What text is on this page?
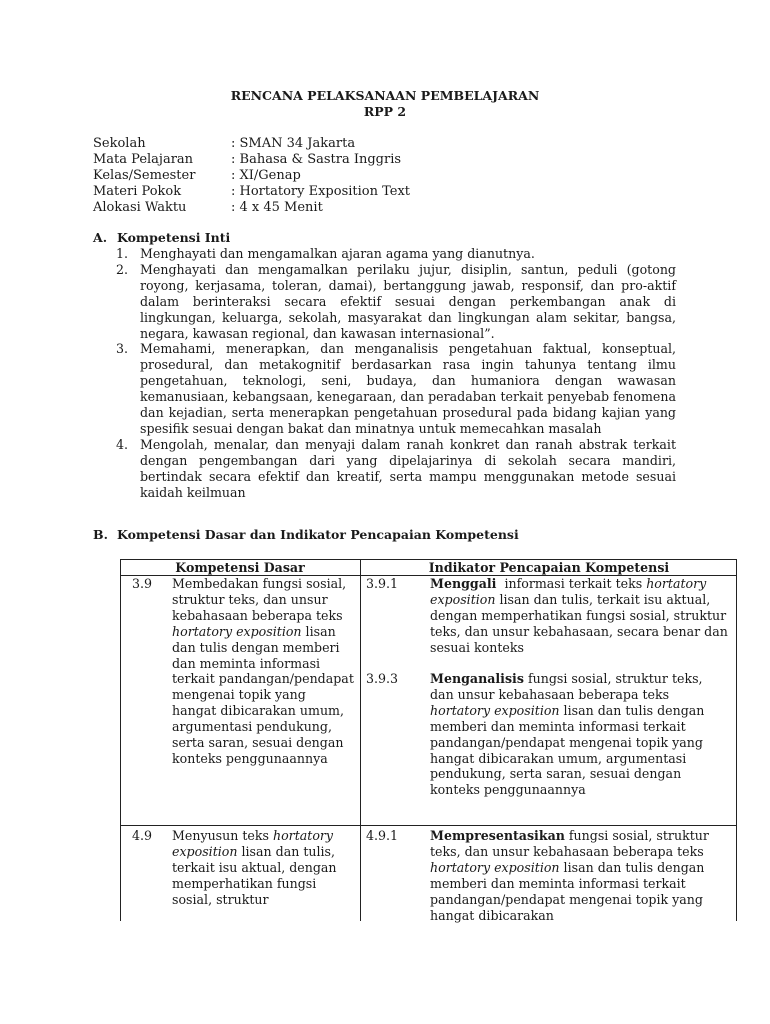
RENCANA PELAKSANAAN PEMBELAJARAN
RPP 2
Sekolah	: SMAN 34 Jakarta
Mata Pelajaran	: Bahasa & Sastra Inggris
Kelas/Semester	: XI/Genap
Materi Pokok	: Hortatory Exposition Text
Alokasi Waktu	: 4 x 45 Menit
A. Kompetensi Inti
1. Menghayati dan mengamalkan ajaran agama yang dianutnya.
2. Menghayati dan mengamalkan perilaku jujur, disiplin, santun, peduli (gotong royong, kerjasama, toleran, damai), bertanggung jawab, responsif, dan pro-aktif dalam berinteraksi secara efektif sesuai dengan perkembangan anak di lingkungan, keluarga, sekolah, masyarakat dan lingkungan alam sekitar, bangsa, negara, kawasan regional, dan kawasan internasional”.
3. Memahami, menerapkan, dan menganalisis pengetahuan faktual, konseptual, prosedural, dan metakognitif berdasarkan rasa ingin tahunya tentang ilmu pengetahuan, teknologi, seni, budaya, dan humaniora dengan wawasan kemanusiaan, kebangsaan, kenegaraan, dan peradaban terkait penyebab fenomena dan kejadian, serta menerapkan pengetahuan prosedural pada bidang kajian yang spesifik sesuai dengan bakat dan minatnya untuk memecahkan masalah
4. Mengolah, menalar, dan menyaji dalam ranah konkret dan ranah abstrak terkait dengan pengembangan dari yang dipelajarinya di sekolah secara mandiri, bertindak secara efektif dan kreatif, serta mampu menggunakan metode sesuai kaidah keilmuan
B. Kompetensi Dasar dan Indikator Pencapaian Kompetensi
Kompetensi Dasar	Indikator Pencapaian Kompetensi
3.9 Membedakan fungsi sosial, struktur teks, dan unsur kebahasaan beberapa teks hortatory exposition lisan dan tulis dengan memberi dan meminta informasi terkait pandangan/pendapat mengenai topik yang hangat dibicarakan umum, argumentasi pendukung, serta saran, sesuai dengan konteks penggunaannya
3.9.1	Menggali  informasi terkait teks hortatory exposition lisan dan tulis, terkait isu aktual, dengan memperhatikan fungsi sosial, struktur teks, dan unsur kebahasaan, secara benar dan sesuai konteks
3.9.3	Menganalisis fungsi sosial, struktur teks, dan unsur kebahasaan beberapa teks hortatory exposition lisan dan tulis dengan memberi dan meminta informasi terkait pandangan/pendapat mengenai topik yang hangat dibicarakan umum, argumentasi pendukung, serta saran, sesuai dengan konteks penggunaannya
4.9 Menyusun teks hortatory exposition lisan dan tulis, terkait isu aktual, dengan memperhatikan fungsi sosial, struktur
4.9.1	Mempresentasikan fungsi sosial, struktur teks, dan unsur kebahasaan beberapa teks hortatory exposition lisan dan tulis dengan memberi dan meminta informasi terkait pandangan/pendapat mengenai topik yang hangat dibicarakan
